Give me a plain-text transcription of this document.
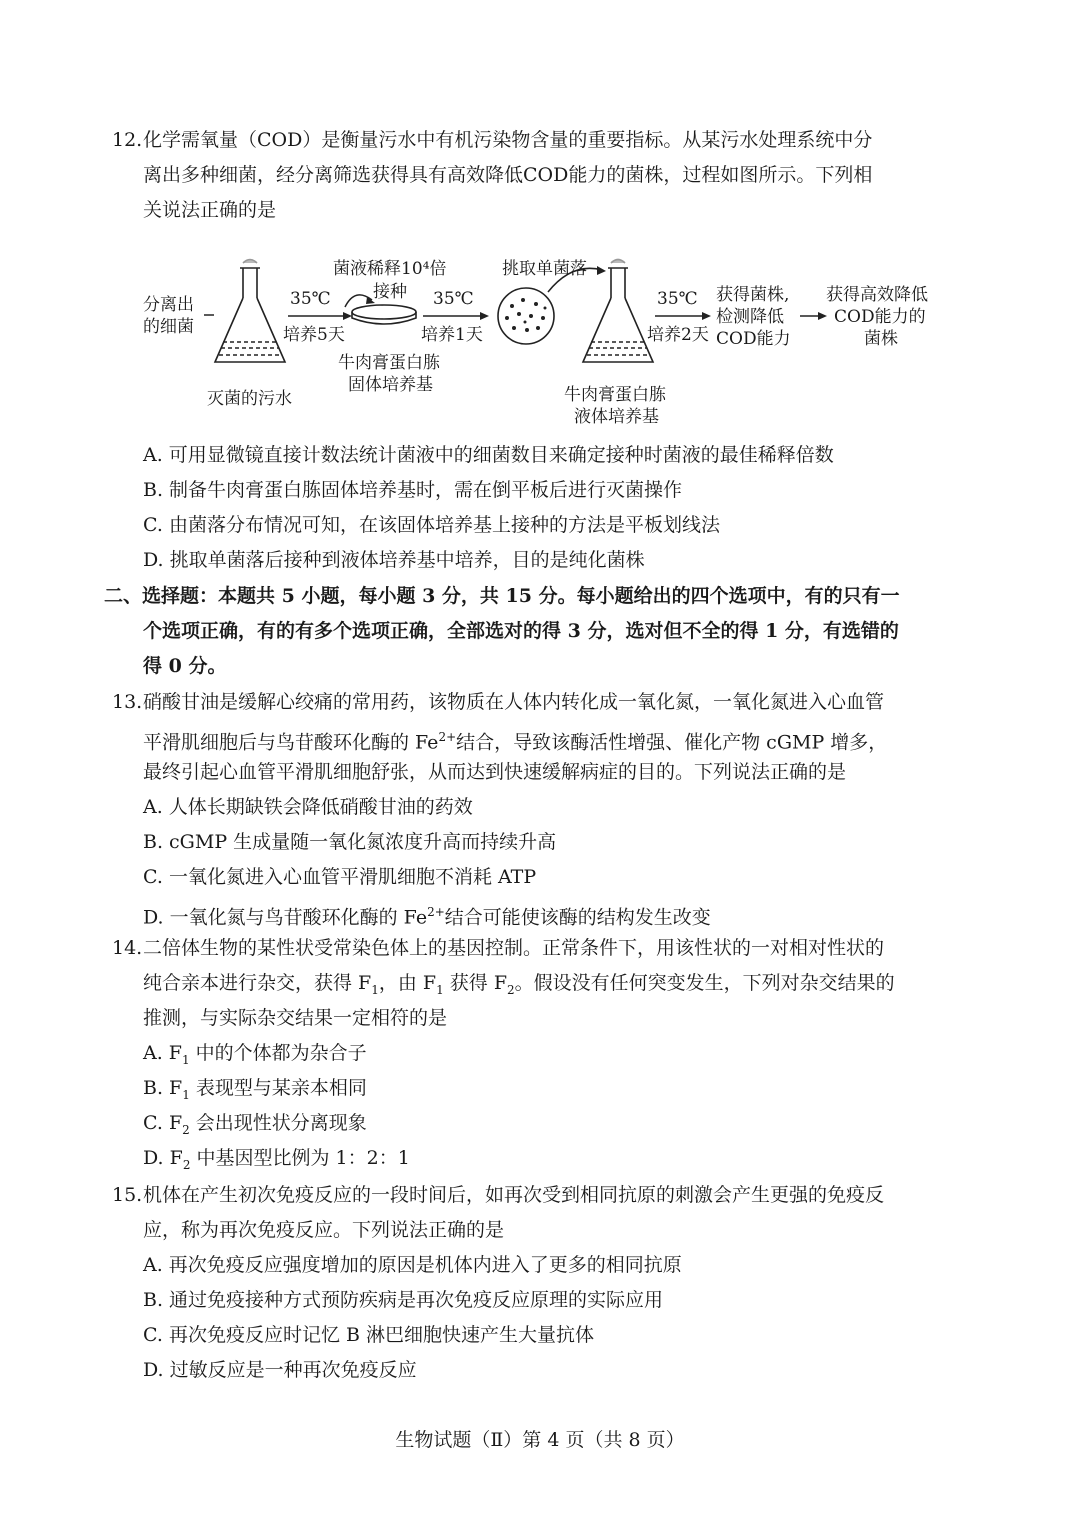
12. 化学需氧量（COD）是衡量污水中有机污染物含量的重要指标。从某污水处理系统中分
离出多种细菌，经分离筛选获得具有高效降低COD能力的菌株，过程如图所示。下列相
关说法正确的是
分离出
的细菌
灭菌的污水
35℃
培养5天
菌液稀释10⁴倍
接种
牛肉膏蛋白胨
固体培养基
35℃
培养1天
挑取单菌落
牛肉膏蛋白胨
液体培养基
35℃
培养2天
获得菌株,
检测降低
COD能力
获得高效降低
COD能力的
菌株
A. 可用显微镜直接计数法统计菌液中的细菌数目来确定接种时菌液的最佳稀释倍数
B. 制备牛肉膏蛋白胨固体培养基时，需在倒平板后进行灭菌操作
C. 由菌落分布情况可知，在该固体培养基上接种的方法是平板划线法
D. 挑取单菌落后接种到液体培养基中培养，目的是纯化菌株
二、选择题：本题共 5 小题，每小题 3 分，共 15 分。每小题给出的四个选项中，有的只有一
个选项正确，有的有多个选项正确，全部选对的得 3 分，选对但不全的得 1 分，有选错的
得 0 分。
13. 硝酸甘油是缓解心绞痛的常用药，该物质在人体内转化成一氧化氮，一氧化氮进入心血管
平滑肌细胞后与鸟苷酸环化酶的 $Fe^{2+}$结合，导致该酶活性增强、催化产物 cGMP 增多，
最终引起心血管平滑肌细胞舒张，从而达到快速缓解病症的目的。下列说法正确的是
A. 人体长期缺铁会降低硝酸甘油的药效
B. cGMP 生成量随一氧化氮浓度升高而持续升高
C. 一氧化氮进入心血管平滑肌细胞不消耗 ATP
D. 一氧化氮与鸟苷酸环化酶的 $Fe^{2+}$结合可能使该酶的结构发生改变
14. 二倍体生物的某性状受常染色体上的基因控制。正常条件下，用该性状的一对相对性状的
纯合亲本进行杂交，获得 $F_1$，由 $F_1$ 获得 $F_2$。假设没有任何突变发生，下列对杂交结果的
推测，与实际杂交结果一定相符的是
A. $F_1$ 中的个体都为杂合子
B. $F_1$ 表现型与某亲本相同
C. $F_2$ 会出现性状分离现象
D. $F_2$ 中基因型比例为 1：2：1
15. 机体在产生初次免疫反应的一段时间后，如再次受到相同抗原的刺激会产生更强的免疫反
应，称为再次免疫反应。下列说法正确的是
A. 再次免疫反应强度增加的原因是机体内进入了更多的相同抗原
B. 通过免疫接种方式预防疾病是再次免疫反应原理的实际应用
C. 再次免疫反应时记忆 B 淋巴细胞快速产生大量抗体
D. 过敏反应是一种再次免疫反应
生物试题（Ⅱ）第 4 页（共 8 页）
